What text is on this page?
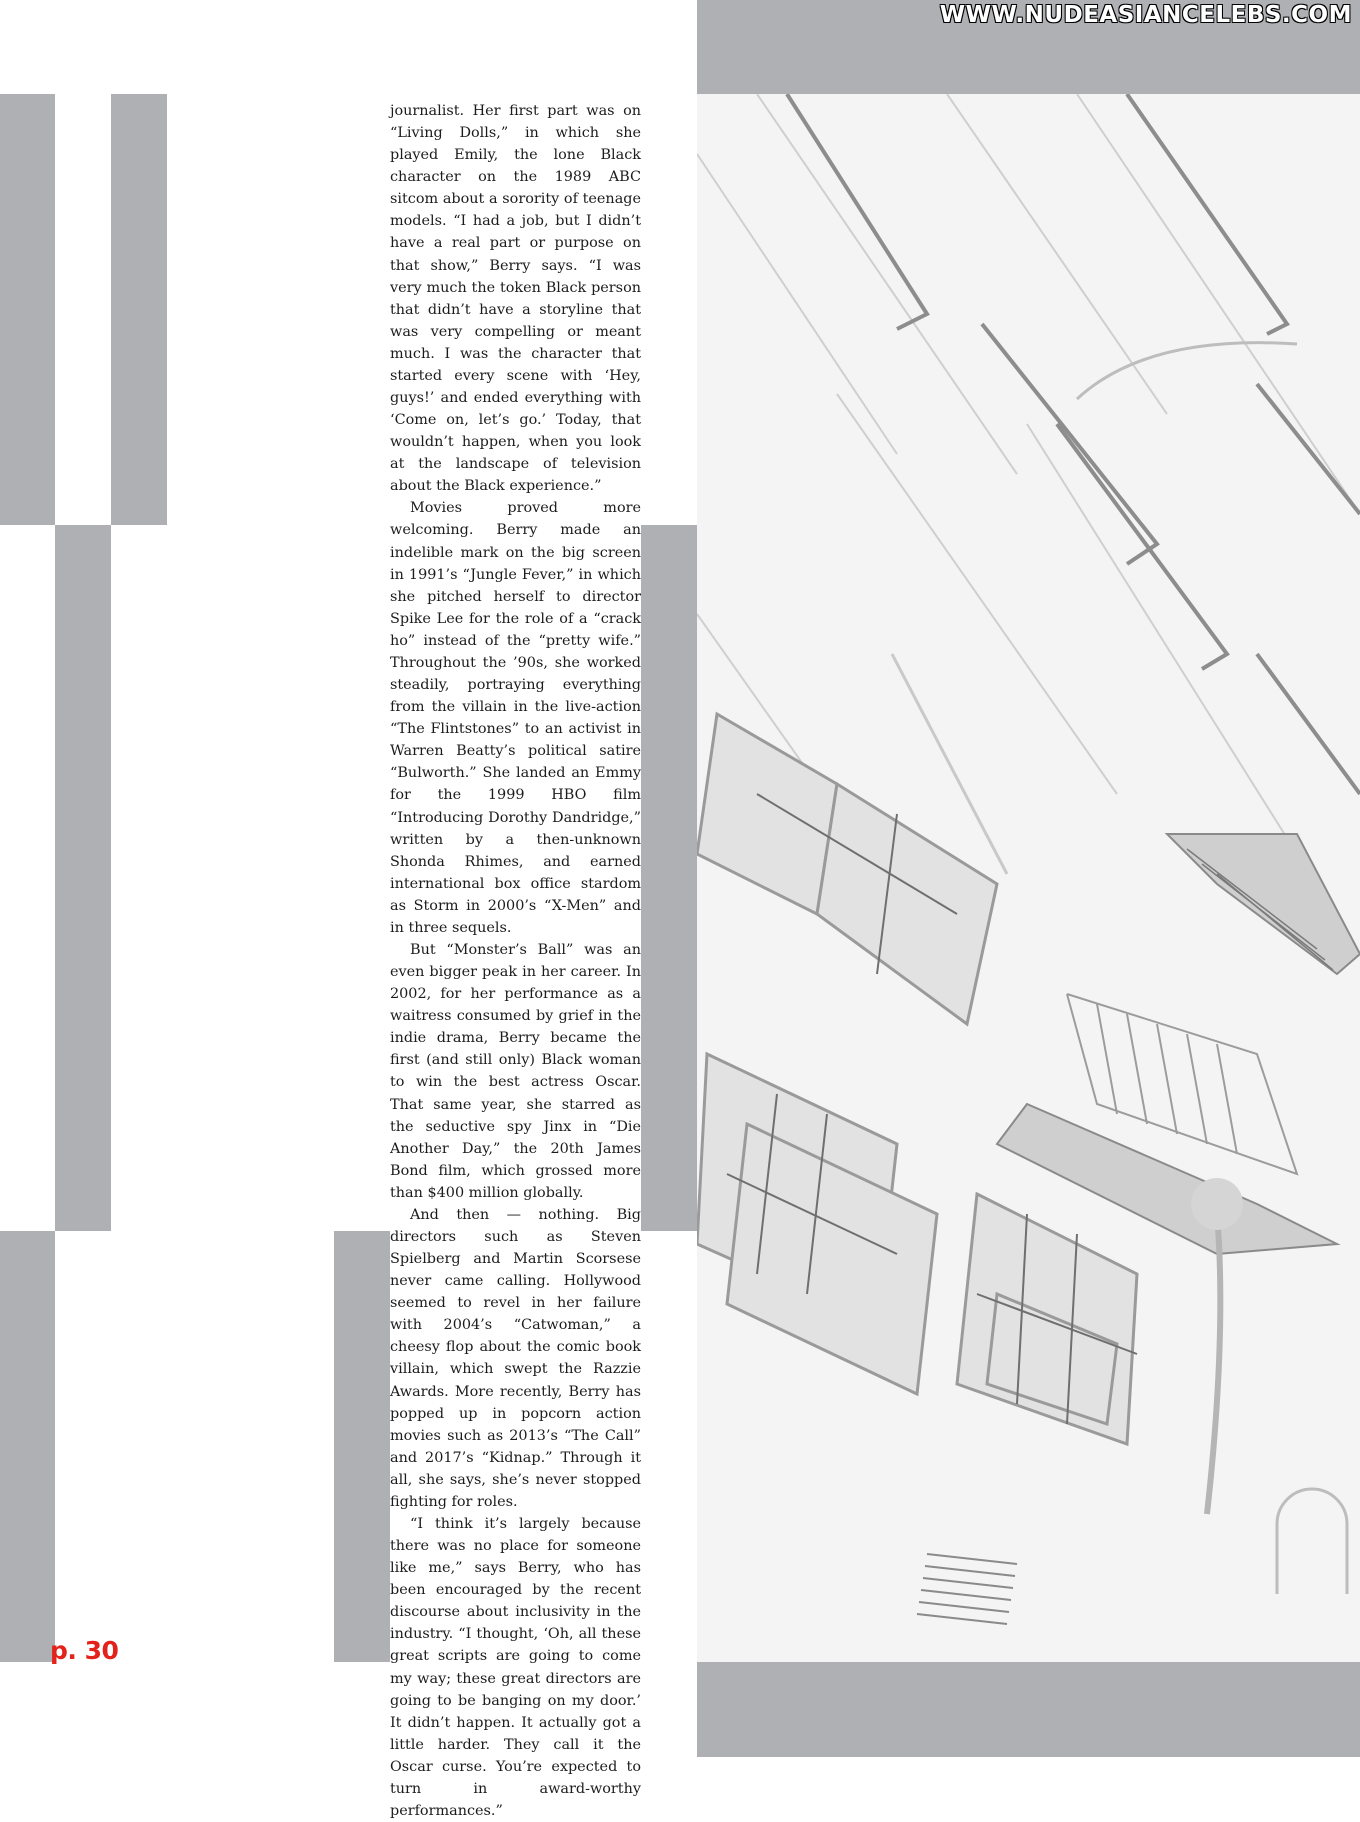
WWW.NUDEASIANCELEBS.COM

journalist. Her first part was on “Living Dolls,” in which she played Emily, the lone Black character on the 1989 ABC sitcom about a sorority of teenage models. “I had a job, but I didn’t have a real part or purpose on that show,” Berry says. “I was very much the token Black person that didn’t have a storyline that was very compelling or meant much. I was the character that started every scene with ‘Hey, guys!’ and ended everything with ‘Come on, let’s go.’ Today, that wouldn’t happen, when you look at the landscape of television about the Black experience.”

Movies proved more welcoming. Berry made an indelible mark on the big screen in 1991’s “Jungle Fever,” in which she pitched herself to director Spike Lee for the role of a “crack ho” instead of the “pretty wife.” Throughout the ’90s, she worked steadily, portraying everything from the villain in the live-action “The Flintstones” to an activist in Warren Beatty’s political satire “Bulworth.” She landed an Emmy for the 1999 HBO film “Introducing Dorothy Dandridge,” written by a then-unknown Shonda Rhimes, and earned international box office stardom as Storm in 2000’s “X-Men” and in three sequels.

But “Monster’s Ball” was an even bigger peak in her career. In 2002, for her performance as a waitress consumed by grief in the indie drama, Berry became the first (and still only) Black woman to win the best actress Oscar. That same year, she starred as the seductive spy Jinx in “Die Another Day,” the 20th James Bond film, which grossed more than $400 million globally.

And then — nothing. Big directors such as Steven Spielberg and Martin Scorsese never came calling. Hollywood seemed to revel in her failure with 2004’s “Catwoman,” a cheesy flop about the comic book villain, which swept the Razzie Awards. More recently, Berry has popped up in popcorn action movies such as 2013’s “The Call” and 2017’s “Kidnap.” Through it all, she says, she’s never stopped fighting for roles.

“I think it’s largely because there was no place for someone like me,” says Berry, who has been encouraged by the recent discourse about inclusivity in the industry. “I thought, ‘Oh, all these great scripts are going to come my way; these great directors are going to be banging on my door.’ It didn’t happen. It actually got a little harder. They call it the Oscar curse. You’re expected to turn in award-worthy performances.”

p. 30
